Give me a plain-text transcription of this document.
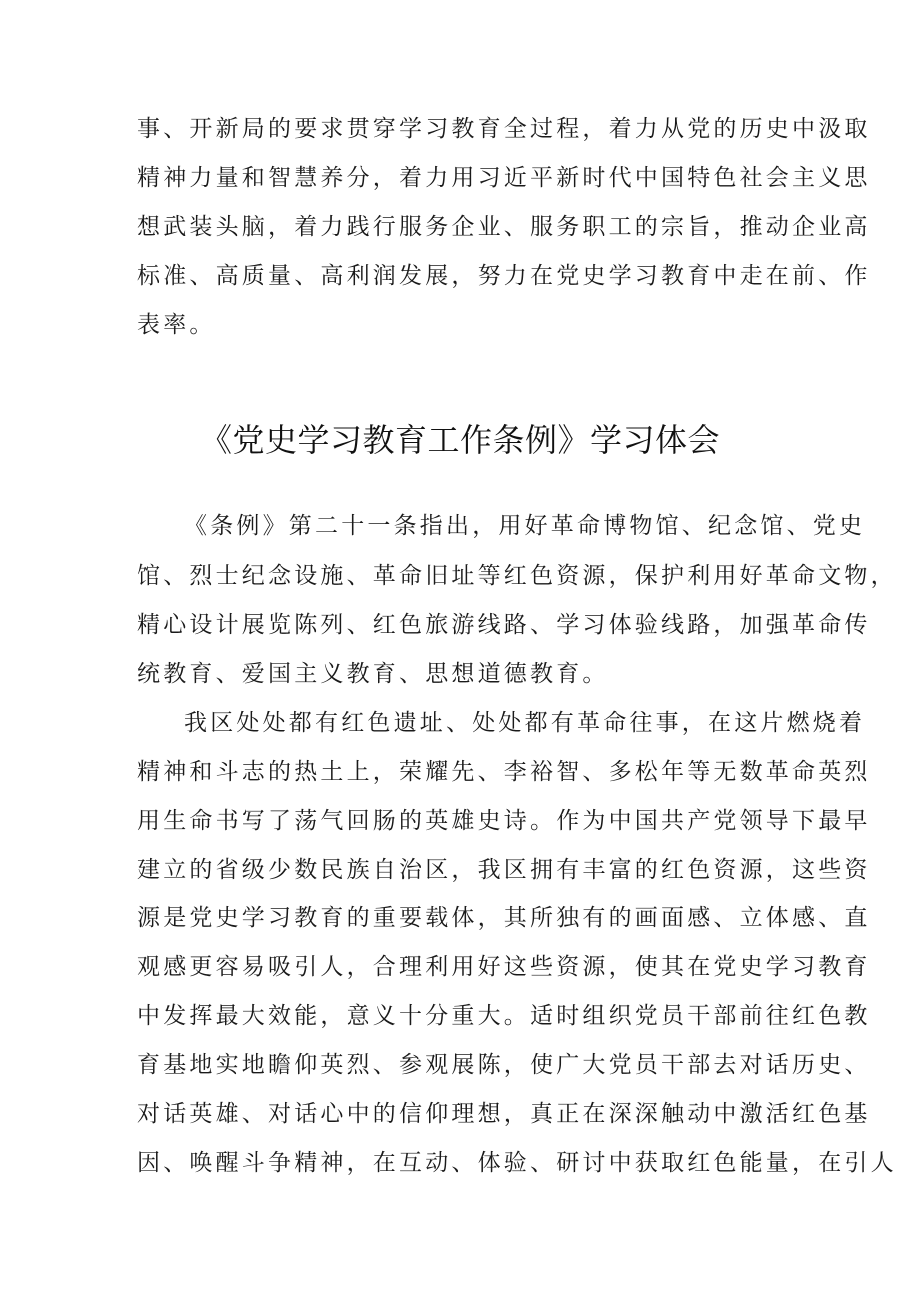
事、开新局的要求贯穿学习教育全过程，着力从党的历史中汲取
精神力量和智慧养分，着力用习近平新时代中国特色社会主义思
想武装头脑，着力践行服务企业、服务职工的宗旨，推动企业高
标准、高质量、高利润发展，努力在党史学习教育中走在前、作
表率。
《党史学习教育工作条例》学习体会
《条例》第二十一条指出，用好革命博物馆、纪念馆、党史
馆、烈士纪念设施、革命旧址等红色资源，保护利用好革命文物，
精心设计展览陈列、红色旅游线路、学习体验线路，加强革命传
统教育、爱国主义教育、思想道德教育。
我区处处都有红色遗址、处处都有革命往事，在这片燃烧着
精神和斗志的热土上，荣耀先、李裕智、多松年等无数革命英烈
用生命书写了荡气回肠的英雄史诗。作为中国共产党领导下最早
建立的省级少数民族自治区，我区拥有丰富的红色资源，这些资
源是党史学习教育的重要载体，其所独有的画面感、立体感、直
观感更容易吸引人，合理利用好这些资源，使其在党史学习教育
中发挥最大效能，意义十分重大。适时组织党员干部前往红色教
育基地实地瞻仰英烈、参观展陈，使广大党员干部去对话历史、
对话英雄、对话心中的信仰理想，真正在深深触动中激活红色基
因、唤醒斗争精神，在互动、体验、研讨中获取红色能量，在引人
